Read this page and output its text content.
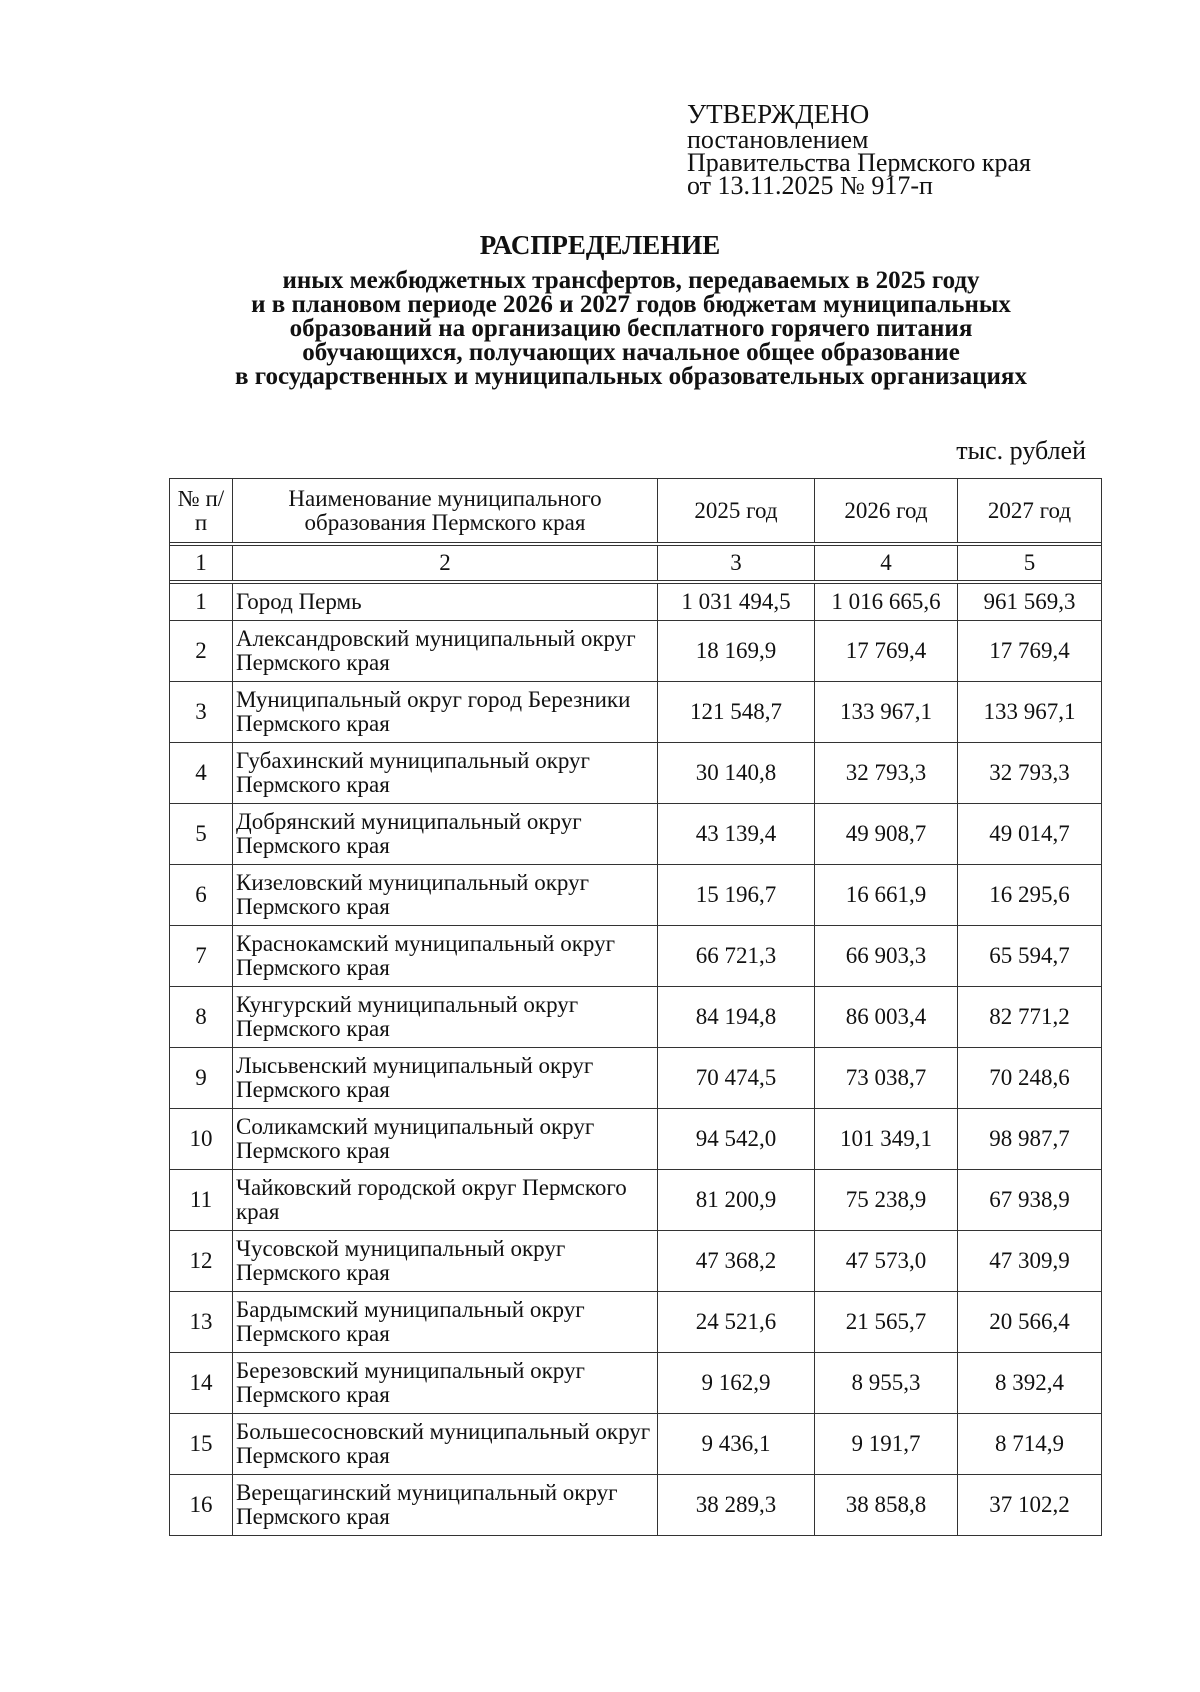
УТВЕРЖДЕНО
постановлением
Правительства Пермского края
от 13.11.2025 № 917-п
РАСПРЕДЕЛЕНИЕ
иных межбюджетных трансфертов, передаваемых в 2025 году
и в плановом периоде 2026 и 2027 годов бюджетам муниципальных
образований на организацию бесплатного горячего питания
обучающихся, получающих начальное общее образование
в государственных и муниципальных образовательных организациях
тыс. рублей
№ п/п	Наименование муниципального образования Пермского края	2025 год	2026 год	2027 год

1	2	3	4	5

1	Город Пермь	1 031 494,5	1 016 665,6	961 569,3
2	Александровский муниципальный округ Пермского края	18 169,9	17 769,4	17 769,4
3	Муниципальный округ город Березники Пермского края	121 548,7	133 967,1	133 967,1
4	Губахинский муниципальный округ Пермского края	30 140,8	32 793,3	32 793,3
5	Добрянский муниципальный округ Пермского края	43 139,4	49 908,7	49 014,7
6	Кизеловский муниципальный округ Пермского края	15 196,7	16 661,9	16 295,6
7	Краснокамский муниципальный округ Пермского края	66 721,3	66 903,3	65 594,7
8	Кунгурский муниципальный округ Пермского края	84 194,8	86 003,4	82 771,2
9	Лысьвенский муниципальный округ Пермского края	70 474,5	73 038,7	70 248,6
10	Соликамский муниципальный округ Пермского края	94 542,0	101 349,1	98 987,7
11	Чайковский городской округ Пермского края	81 200,9	75 238,9	67 938,9
12	Чусовской муниципальный округ Пермского края	47 368,2	47 573,0	47 309,9
13	Бардымский муниципальный округ Пермского края	24 521,6	21 565,7	20 566,4
14	Березовский муниципальный округ Пермского края	9 162,9	8 955,3	8 392,4
15	Большесосновский муниципальный округ Пермского края	9 436,1	9 191,7	8 714,9
16	Верещагинский муниципальный округ Пермского края	38 289,3	38 858,8	37 102,2
